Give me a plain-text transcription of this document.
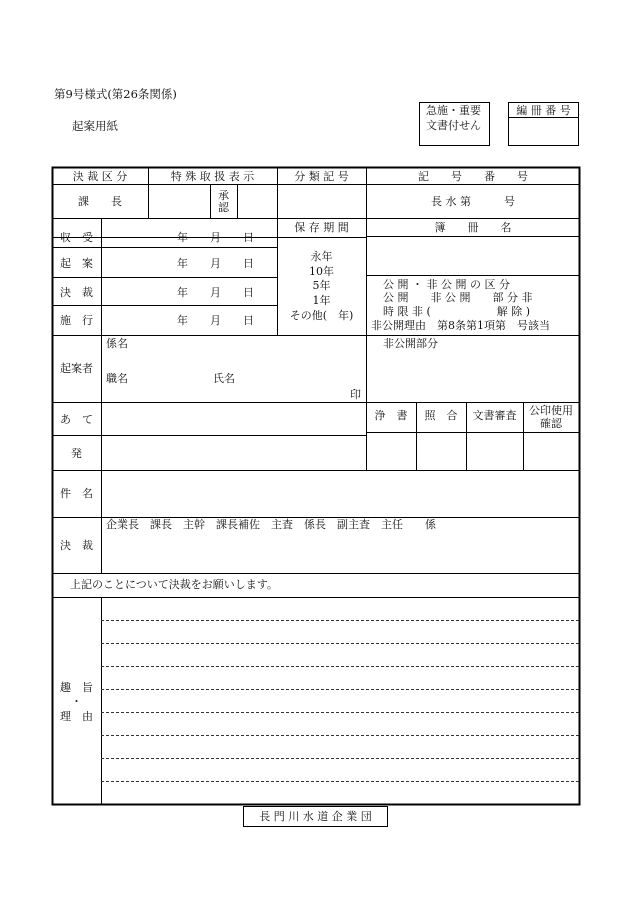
第9号様式(第26条関係)
起案用紙
急施・重要
文書付せん
編 冊 番 号
決 裁 区 分	特 殊 取 扱 表 示	分 類 記 号	記　　号　　番　　号
課　　長	承認	長 水 第　　　号
収　受	年　　月　　日
起　案	年　　月　　日
決　裁	年　　月　　日
施　行	年　　月　　日
保 存 期 間
永年
10年
5年
1年
その他(　年)
簿　　冊　　名
公 開 ・ 非 公 開 の 区 分
公 開　　非 公 開　　部 分 非
時 限 非 (　　　　　　解 除 )
非公開理由　第8条第1項第　号該当
起案者
係名
職名	氏名
印
非公開部分
あ　て
発
浄　書	照　合	文書審査	公印使用確認
件　名
決　裁
企業長　課長　主幹　課長補佐　主査　係長　副主査　主任　　係
上記のことについて決裁をお願いします。
趣　旨
・
理　由
長 門 川 水 道 企 業 団
